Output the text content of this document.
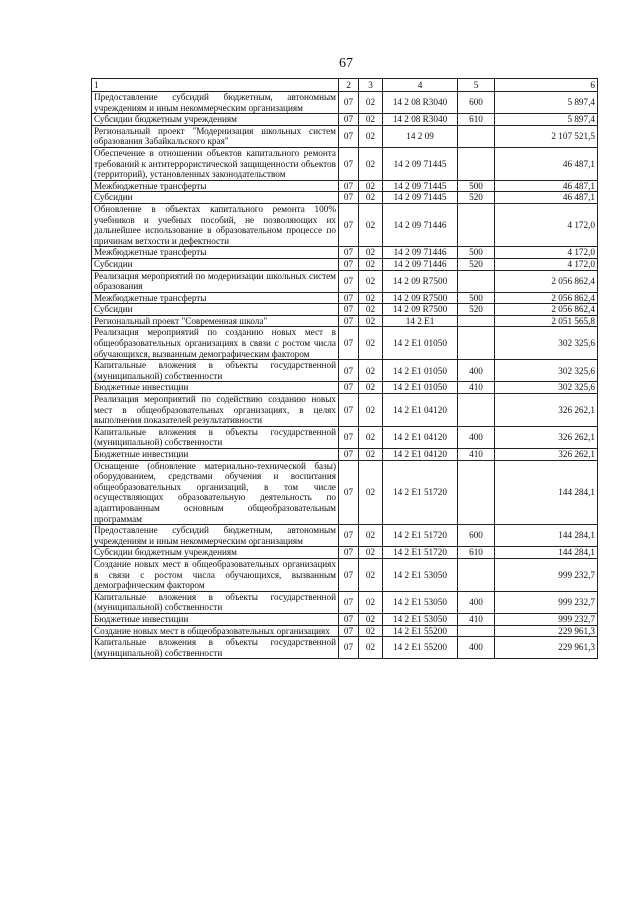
67
1	2	3	4	5	6
Предоставление субсидий бюджетным, автономным учреждениям и иным некоммерческим организациям	07	02	14 2 08 R3040	600	5 897,4
Субсидии бюджетным учреждениям	07	02	14 2 08 R3040	610	5 897,4
Региональный проект "Модернизация школьных систем образования Забайкальского края"	07	02	14 2 09		2 107 521,5
Обеспечение в отношении объектов капитального ремонта требований к антитеррористической защищенности объектов (территорий), установленных законодательством	07	02	14 2 09 71445		46 487,1
Межбюджетные трансферты	07	02	14 2 09 71445	500	46 487,1
Субсидии	07	02	14 2 09 71445	520	46 487,1
Обновление в объектах капитального ремонта 100% учебников и учебных пособий, не позволяющих их дальнейшее использование в образовательном процессе по причинам ветхости и дефектности	07	02	14 2 09 71446		4 172,0
Межбюджетные трансферты	07	02	14 2 09 71446	500	4 172,0
Субсидии	07	02	14 2 09 71446	520	4 172,0
Реализация мероприятий по модернизации школьных систем образования	07	02	14 2 09 R7500		2 056 862,4
Межбюджетные трансферты	07	02	14 2 09 R7500	500	2 056 862,4
Субсидии	07	02	14 2 09 R7500	520	2 056 862,4
Региональный проект "Современная школа"	07	02	14 2 E1		2 051 565,8
Реализация мероприятий по созданию новых мест в общеобразовательных организациях в связи с ростом числа обучающихся, вызванным демографическим фактором	07	02	14 2 E1 01050		302 325,6
Капитальные вложения в объекты государственной (муниципальной) собственности	07	02	14 2 E1 01050	400	302 325,6
Бюджетные инвестиции	07	02	14 2 E1 01050	410	302 325,6
Реализация мероприятий по содействию созданию новых мест в общеобразовательных организациях, в целях выполнения показателей результативности	07	02	14 2 E1 04120		326 262,1
Капитальные вложения в объекты государственной (муниципальной) собственности	07	02	14 2 E1 04120	400	326 262,1
Бюджетные инвестиции	07	02	14 2 E1 04120	410	326 262,1
Оснащение (обновление материально-технической базы) оборудованием, средствами обучения и воспитания общеобразовательных организаций, в том числе осуществляющих образовательную деятельность по адаптированным основным общеобразовательным программам	07	02	14 2 E1 51720		144 284,1
Предоставление субсидий бюджетным, автономным учреждениям и иным некоммерческим организациям	07	02	14 2 E1 51720	600	144 284,1
Субсидии бюджетным учреждениям	07	02	14 2 E1 51720	610	144 284,1
Создание новых мест в общеобразовательных организациях в связи с ростом числа обучающихся, вызванным демографическим фактором	07	02	14 2 E1 53050		999 232,7
Капитальные вложения в объекты государственной (муниципальной) собственности	07	02	14 2 E1 53050	400	999 232,7
Бюджетные инвестиции	07	02	14 2 E1 53050	410	999 232,7
Создание новых мест в общеобразовательных организациях	07	02	14 2 E1 55200		229 961,3
Капитальные вложения в объекты государственной (муниципальной) собственности	07	02	14 2 E1 55200	400	229 961,3
